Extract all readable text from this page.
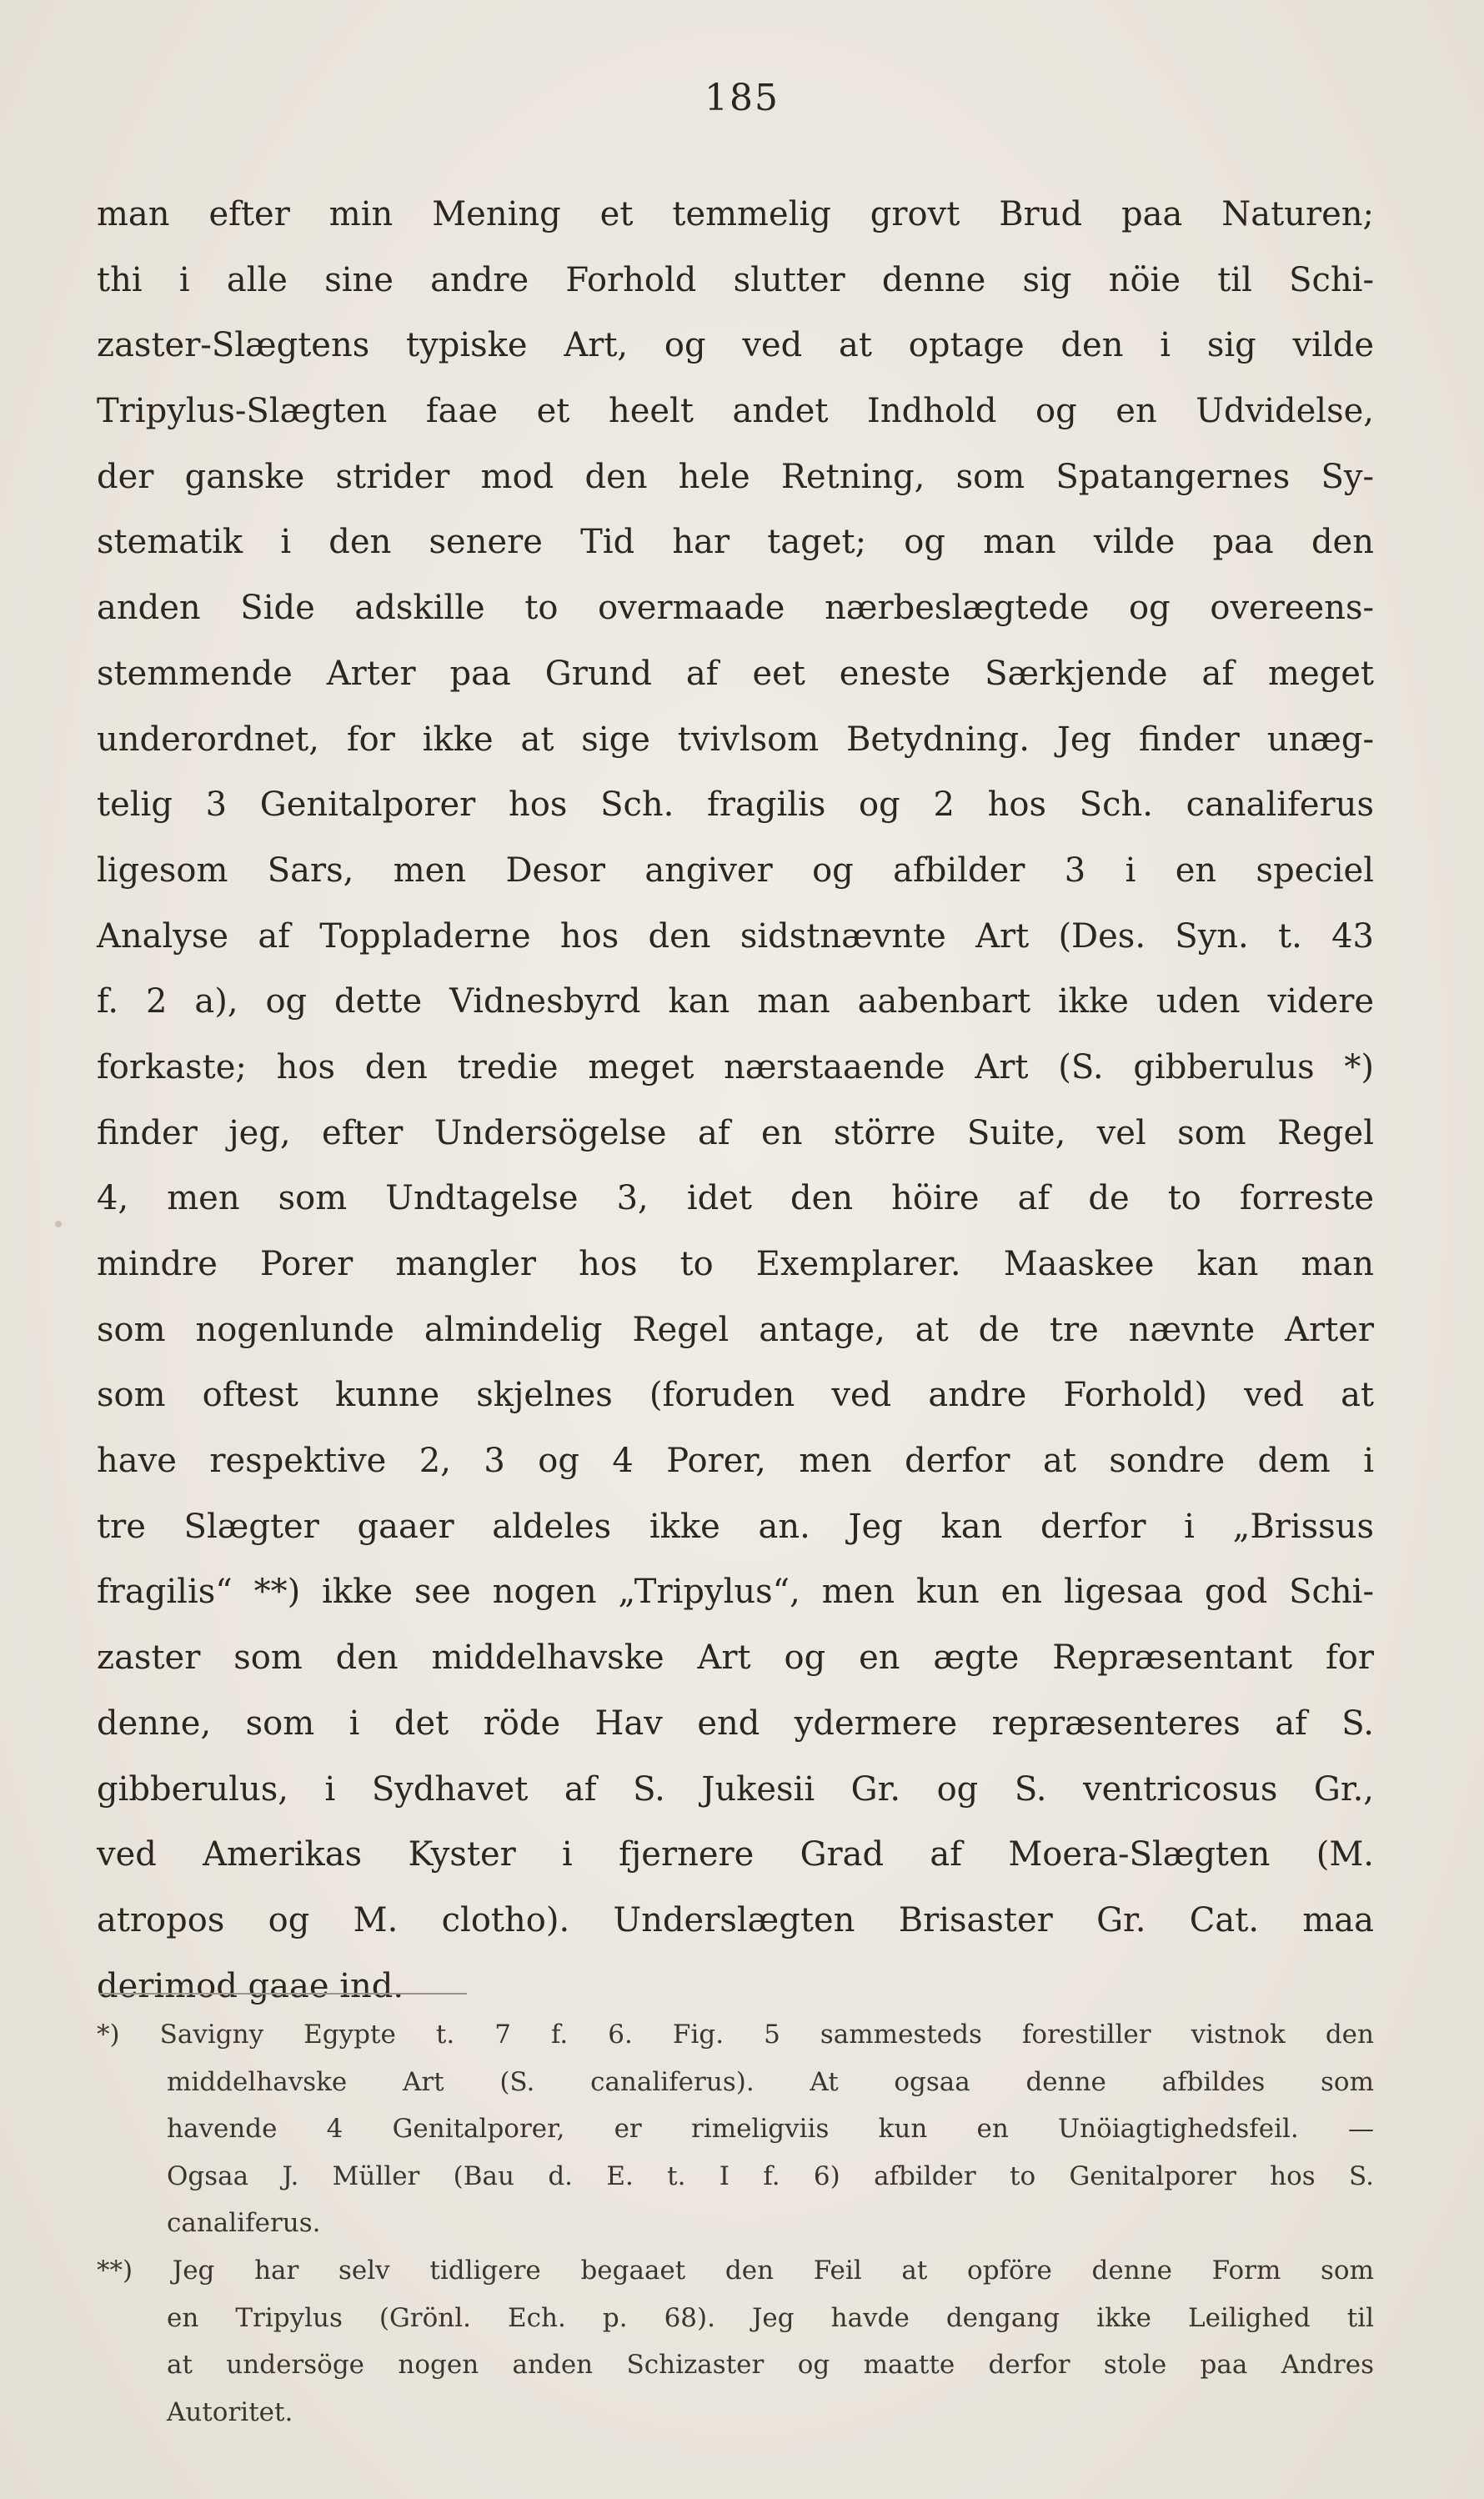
185
man efter min Mening et temmelig grovt Brud paa Naturen;
thi i alle sine andre Forhold slutter denne sig nöie til Schi-
zaster-Slægtens typiske Art, og ved at optage den i sig vilde
Tripylus-Slægten faae et heelt andet Indhold og en Udvidelse,
der ganske strider mod den hele Retning, som Spatangernes Sy-
stematik i den senere Tid har taget; og man vilde paa den
anden Side adskille to overmaade nærbeslægtede og overeens-
stemmende Arter paa Grund af eet eneste Særkjende af meget
underordnet, for ikke at sige tvivlsom Betydning. Jeg finder unæg-
telig 3 Genitalporer hos Sch. fragilis og 2 hos Sch. canaliferus
ligesom Sars, men Desor angiver og afbilder 3 i en speciel
Analyse af Toppladerne hos den sidstnævnte Art (Des. Syn. t. 43
f. 2 a), og dette Vidnesbyrd kan man aabenbart ikke uden videre
forkaste; hos den tredie meget nærstaaende Art (S. gibberulus *)
finder jeg, efter Undersögelse af en större Suite, vel som Regel
4, men som Undtagelse 3, idet den höire af de to forreste
mindre Porer mangler hos to Exemplarer. Maaskee kan man
som nogenlunde almindelig Regel antage, at de tre nævnte Arter
som oftest kunne skjelnes (foruden ved andre Forhold) ved at
have respektive 2, 3 og 4 Porer, men derfor at sondre dem i
tre Slægter gaaer aldeles ikke an. Jeg kan derfor i „Brissus
fragilis“ **) ikke see nogen „Tripylus“, men kun en ligesaa god Schi-
zaster som den middelhavske Art og en ægte Repræsentant for
denne, som i det röde Hav end ydermere repræsenteres af S.
gibberulus, i Sydhavet af S. Jukesii Gr. og S. ventricosus Gr.,
ved Amerikas Kyster i fjernere Grad af Moera-Slægten (M.
atropos og M. clotho). Underslægten Brisaster Gr. Cat. maa
derimod gaae ind.
*) Savigny Egypte t. 7 f. 6. Fig. 5 sammesteds forestiller vistnok den
middelhavske Art (S. canaliferus). At ogsaa denne afbildes som
havende 4 Genitalporer, er rimeligviis kun en Unöiagtighedsfeil. —
Ogsaa J. Müller (Bau d. E. t. I f. 6) afbilder to Genitalporer hos S.
canaliferus.
**) Jeg har selv tidligere begaaet den Feil at opföre denne Form som
en Tripylus (Grönl. Ech. p. 68). Jeg havde dengang ikke Leilighed til
at undersöge nogen anden Schizaster og maatte derfor stole paa Andres
Autoritet.
